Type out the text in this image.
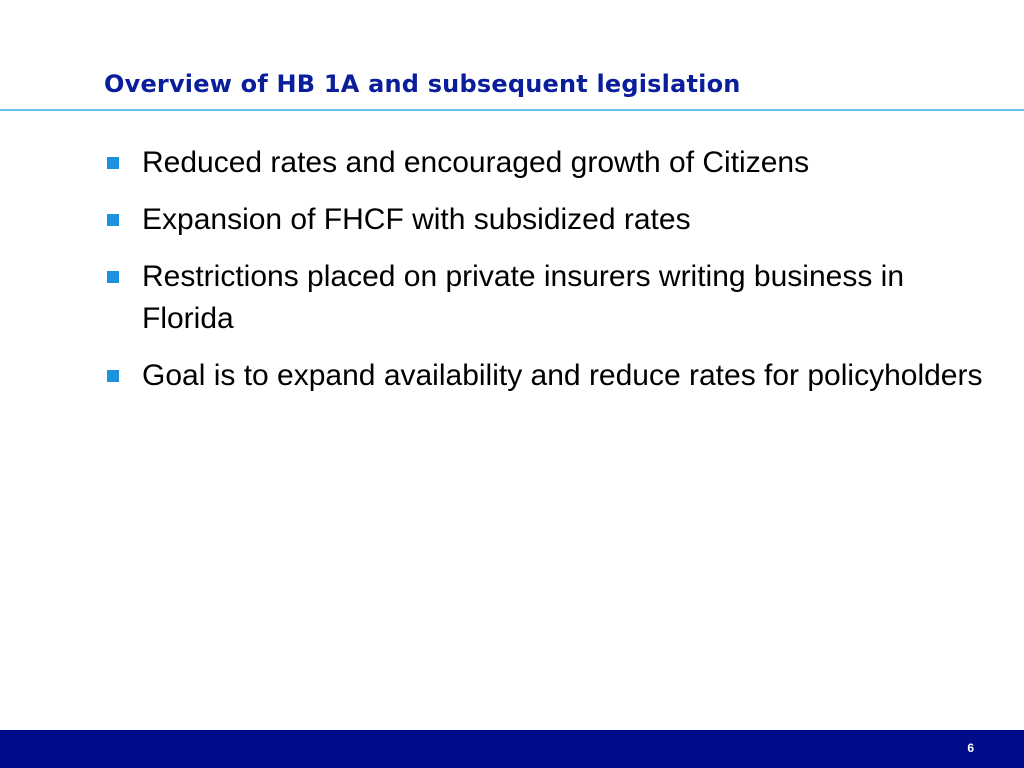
Overview of HB 1A and subsequent legislation
Reduced rates and encouraged growth of Citizens
Expansion of FHCF with subsidized rates
Restrictions placed on private insurers writing business in Florida
Goal is to expand availability and reduce rates for policyholders
6
